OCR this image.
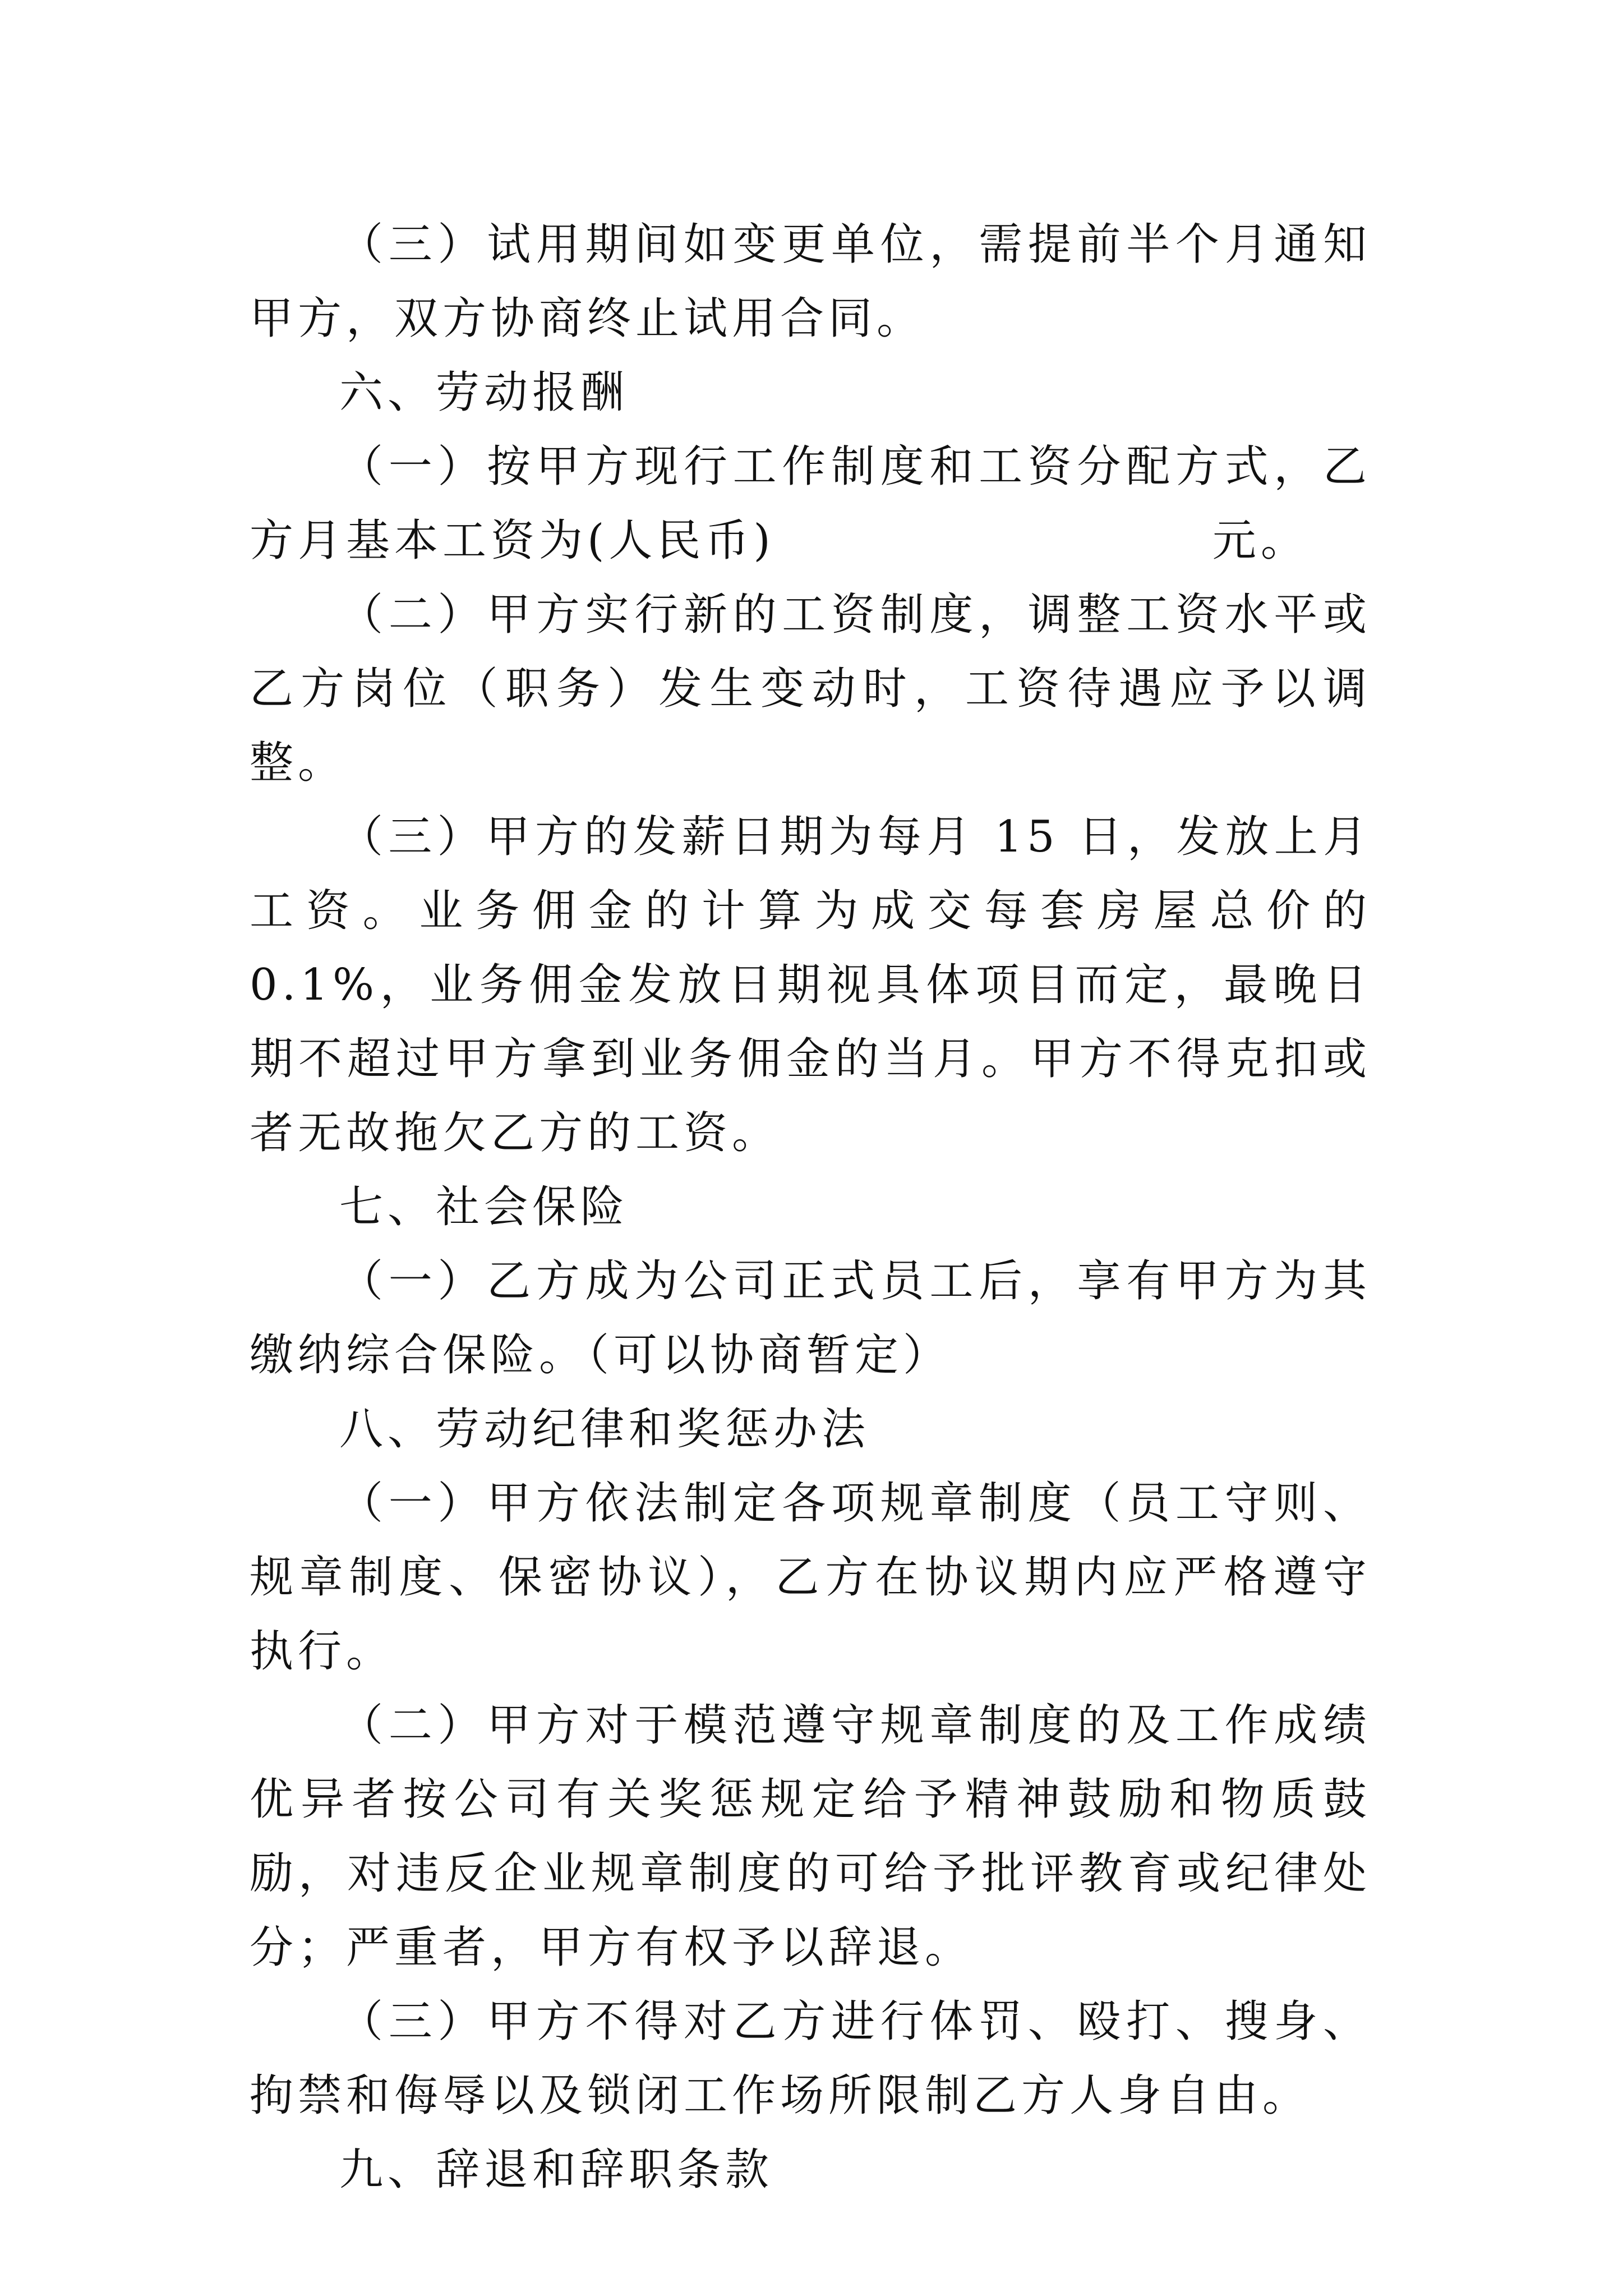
（三）试用期间如变更单位，需提前半个月通知甲方，双方协商终止试用合同。

六、劳动报酬

（一）按甲方现行工作制度和工资分配方式，乙方月基本工资为(人民币)	元。

（二）甲方实行新的工资制度，调整工资水平或乙方岗位（职务）发生变动时，工资待遇应予以调整。

（三）甲方的发薪日期为每月 15 日，发放上月工资。业务佣金的计算为成交每套房屋总价的 0.1%，业务佣金发放日期视具体项目而定，最晚日期不超过甲方拿到业务佣金的当月。甲方不得克扣或者无故拖欠乙方的工资。

七、社会保险

（一）乙方成为公司正式员工后，享有甲方为其缴纳综合保险。（可以协商暂定）

八、劳动纪律和奖惩办法

（一）甲方依法制定各项规章制度（员工守则、规章制度、保密协议），乙方在协议期内应严格遵守执行。

（二）甲方对于模范遵守规章制度的及工作成绩优异者按公司有关奖惩规定给予精神鼓励和物质鼓励，对违反企业规章制度的可给予批评教育或纪律处分；严重者，甲方有权予以辞退。

（三）甲方不得对乙方进行体罚、殴打、搜身、拘禁和侮辱以及锁闭工作场所限制乙方人身自由。

九、辞退和辞职条款
